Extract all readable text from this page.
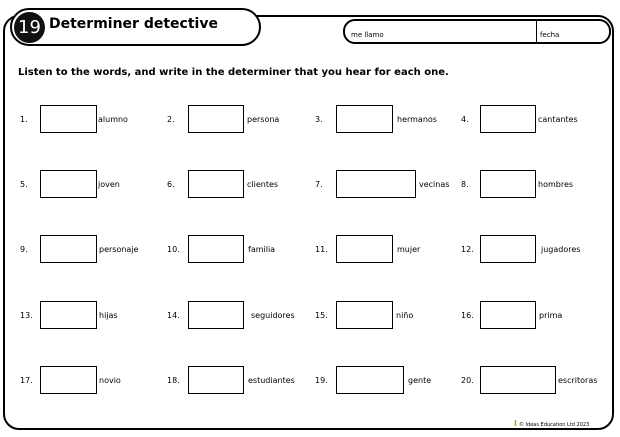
19 Determiner detective
me llamo	fecha
Listen to the words, and write in the determiner that you hear for each one.
1.	alumno	2.	persona	3.	hermanos	4.	cantantes
5.	joven	6.	clientes	7.	vecinas 8.	hombres
9.	personaje	10.	familia	11.	mujer	12.	jugadores
13.	hijas	14.	seguidores	15.	niño	16.	prima
17.	novio	18.	estudiantes	19.	gente	20.	escritoras
I © Ideas Education Ltd 2023
